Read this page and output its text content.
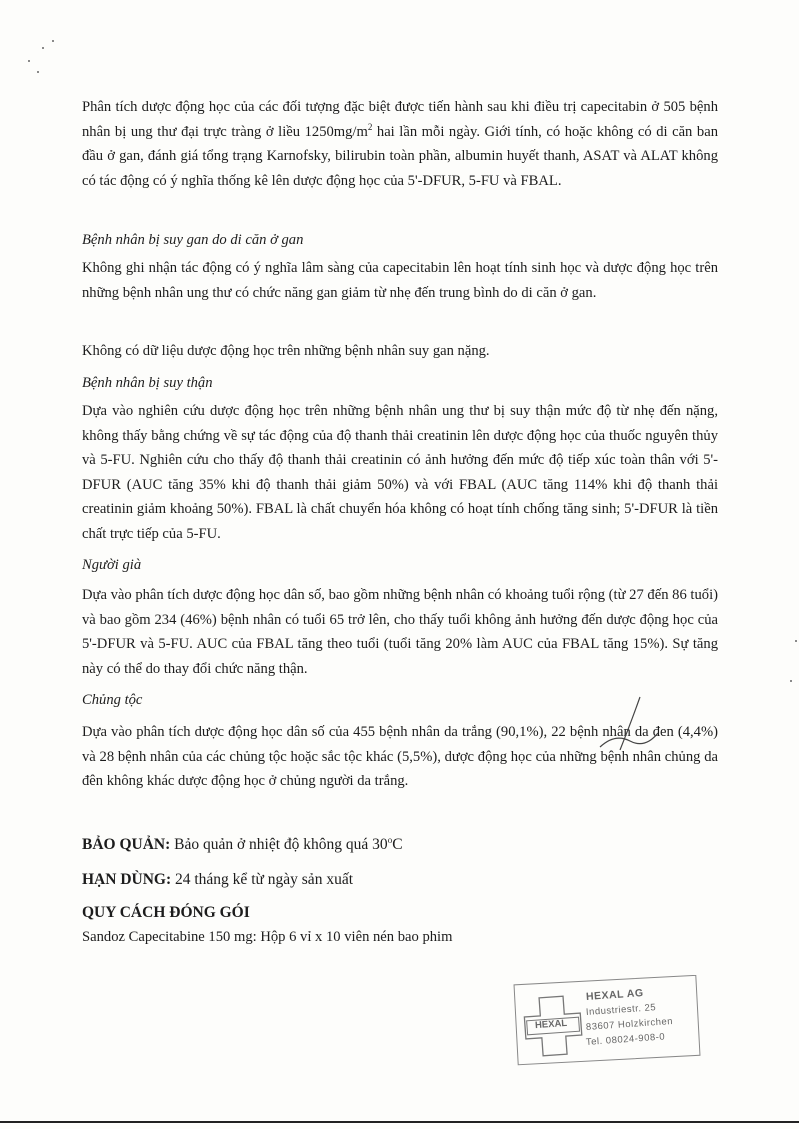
Phân tích dược động học của các đối tượng đặc biệt được tiến hành sau khi điều trị capecitabin ở 505 bệnh nhân bị ung thư đại trực tràng ở liều $1250mg/m^2$ hai lần mỗi ngày. Giới tính, có hoặc không có di căn ban đầu ở gan, đánh giá tổng trạng Karnofsky, bilirubin toàn phần, albumin huyết thanh, ASAT và ALAT không có tác động có ý nghĩa thống kê lên dược động học của 5'-DFUR, 5-FU và FBAL.

Bệnh nhân bị suy gan do di căn ở gan

Không ghi nhận tác động có ý nghĩa lâm sàng của capecitabin lên hoạt tính sinh học và dược động học trên những bệnh nhân ung thư có chức năng gan giảm từ nhẹ đến trung bình do di căn ở gan.

Không có dữ liệu dược động học trên những bệnh nhân suy gan nặng.

Bệnh nhân bị suy thận

Dựa vào nghiên cứu dược động học trên những bệnh nhân ung thư bị suy thận mức độ từ nhẹ đến nặng, không thấy bằng chứng về sự tác động của độ thanh thải creatinin lên dược động học của thuốc nguyên thủy và 5-FU. Nghiên cứu cho thấy độ thanh thải creatinin có ảnh hưởng đến mức độ tiếp xúc toàn thân với 5'-DFUR (AUC tăng 35% khi độ thanh thải giảm 50%) và với FBAL (AUC tăng 114% khi độ thanh thải creatinin giảm khoảng 50%). FBAL là chất chuyển hóa không có hoạt tính chống tăng sinh; 5'-DFUR là tiền chất trực tiếp của 5-FU.

Người già

Dựa vào phân tích dược động học dân số, bao gồm những bệnh nhân có khoảng tuổi rộng (từ 27 đến 86 tuổi) và bao gồm 234 (46%) bệnh nhân có tuổi 65 trở lên, cho thấy tuổi không ảnh hưởng đến dược động học của 5'-DFUR và 5-FU. AUC của FBAL tăng theo tuổi (tuổi tăng 20% làm AUC của FBAL tăng 15%). Sự tăng này có thể do thay đổi chức năng thận.

Chủng tộc

Dựa vào phân tích dược động học dân số của 455 bệnh nhân da trắng (90,1%), 22 bệnh nhân da đen (4,4%) và 28 bệnh nhân của các chủng tộc hoặc sắc tộc khác (5,5%), dược động học của những bệnh nhân chủng da đên không khác dược động học ở chủng người da trắng.

BẢO QUẢN: Bảo quản ở nhiệt độ không quá 30$^o$C

HẠN DÙNG: 24 tháng kể từ ngày sản xuất

QUY CÁCH ĐÓNG GÓI

Sandoz Capecitabine 150 mg: Hộp 6 vỉ x 10 viên nén bao phim

HEXAL
HEXAL AG
Industriestr. 25
83607 Holzkirchen
Tel. 08024-908-0
